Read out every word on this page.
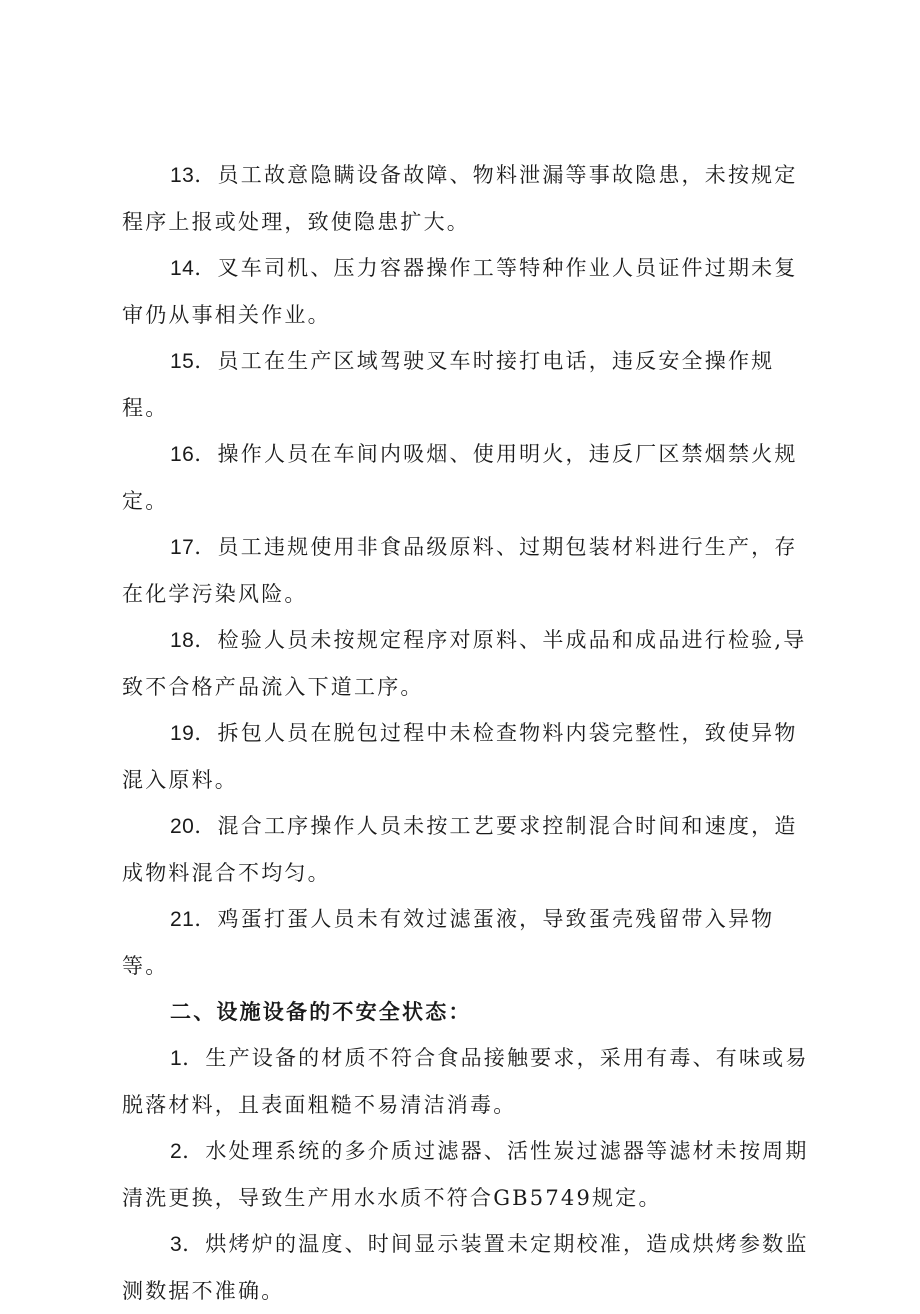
13．员工故意隐瞒设备故障、物料泄漏等事故隐患，未按规定程序上报或处理，致使隐患扩大。

14．叉车司机、压力容器操作工等特种作业人员证件过期未复审仍从事相关作业。

15．员工在生产区域驾驶叉车时接打电话，违反安全操作规程。

16．操作人员在车间内吸烟、使用明火，违反厂区禁烟禁火规定。

17．员工违规使用非食品级原料、过期包装材料进行生产，存在化学污染风险。

18．检验人员未按规定程序对原料、半成品和成品进行检验,导致不合格产品流入下道工序。

19．拆包人员在脱包过程中未检查物料内袋完整性，致使异物混入原料。

20．混合工序操作人员未按工艺要求控制混合时间和速度，造成物料混合不均匀。

21．鸡蛋打蛋人员未有效过滤蛋液，导致蛋壳残留带入异物等。

二、设施设备的不安全状态：

1．生产设备的材质不符合食品接触要求，采用有毒、有味或易脱落材料，且表面粗糙不易清洁消毒。

2．水处理系统的多介质过滤器、活性炭过滤器等滤材未按周期清洗更换，导致生产用水水质不符合GB5749规定。

3．烘烤炉的温度、时间显示装置未定期校准，造成烘烤参数监测数据不准确。
